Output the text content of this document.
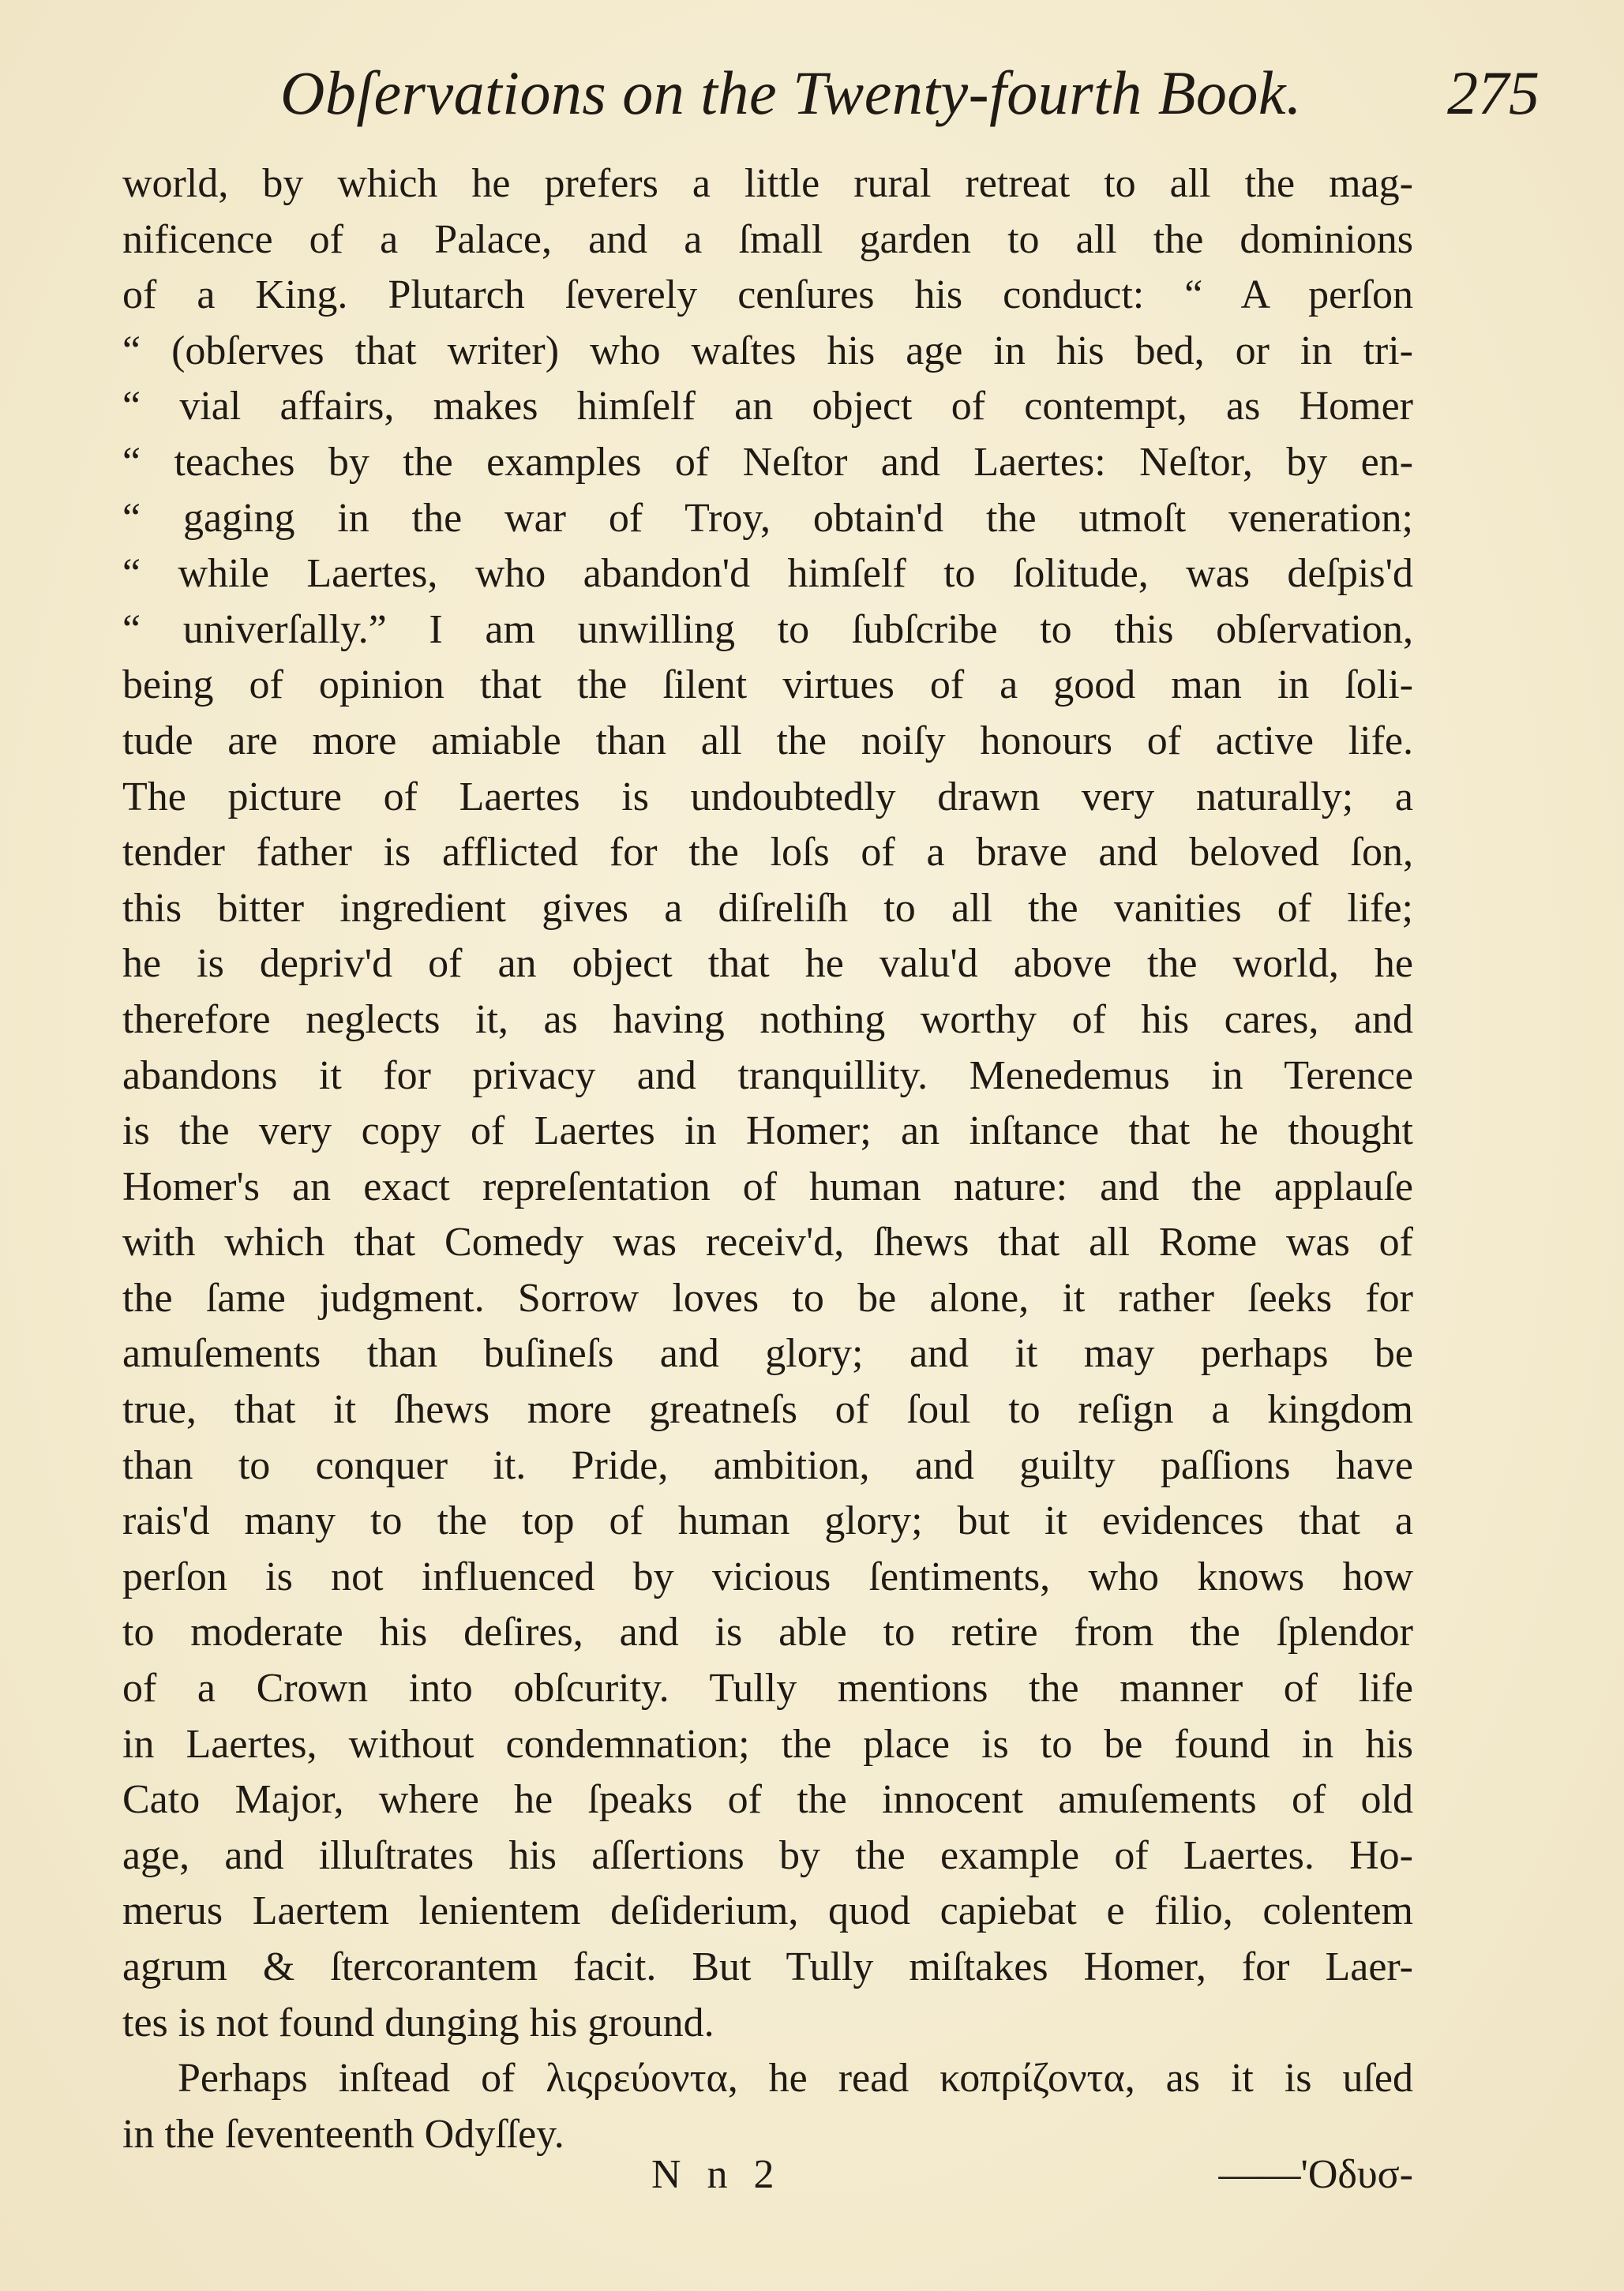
Obſervations on the Twenty-fourth Book. 275
world, by which he prefers a little rural retreat to all the mag-
nificence of a Palace, and a ſmall garden to all the dominions
of a King. Plutarch ſeverely cenſures his conduct: “ A perſon
“ (obſerves that writer) who waſtes his age in his bed, or in tri-
“ vial affairs, makes himſelf an object of contempt, as Homer
“ teaches by the examples of Neſtor and Laertes: Neſtor, by en-
“ gaging in the war of Troy, obtain'd the utmoſt veneration;
“ while Laertes, who abandon'd himſelf to ſolitude, was deſpis'd
“ univerſally.” I am unwilling to ſubſcribe to this obſervation,
being of opinion that the ſilent virtues of a good man in ſoli-
tude are more amiable than all the noiſy honours of active life.
The picture of Laertes is undoubtedly drawn very naturally; a
tender father is afflicted for the loſs of a brave and beloved ſon,
this bitter ingredient gives a diſreliſh to all the vanities of life;
he is depriv'd of an object that he valu'd above the world, he
therefore neglects it, as having nothing worthy of his cares, and
abandons it for privacy and tranquillity. Menedemus in Terence
is the very copy of Laertes in Homer; an inſtance that he thought
Homer's an exact repreſentation of human nature: and the applauſe
with which that Comedy was receiv'd, ſhews that all Rome was of
the ſame judgment. Sorrow loves to be alone, it rather ſeeks for
amuſements than buſineſs and glory; and it may perhaps be
true, that it ſhews more greatneſs of ſoul to reſign a kingdom
than to conquer it. Pride, ambition, and guilty paſſions have
rais'd many to the top of human glory; but it evidences that a
perſon is not influenced by vicious ſentiments, who knows how
to moderate his deſires, and is able to retire from the ſplendor
of a Crown into obſcurity. Tully mentions the manner of life
in Laertes, without condemnation; the place is to be found in his
Cato Major, where he ſpeaks of the innocent amuſements of old
age, and illuſtrates his aſſertions by the example of Laertes. Ho-
merus Laertem lenientem deſiderium, quod capiebat e filio, colentem
agrum & ſtercorantem facit. But Tully miſtakes Homer, for Laer-
tes is not found dunging his ground.
Perhaps inſtead of λιςρεύοντα, he read κοπρίζοντα, as it is uſed
in the ſeventeenth Odyſſey.
N n 2	——'Oδυσ-
